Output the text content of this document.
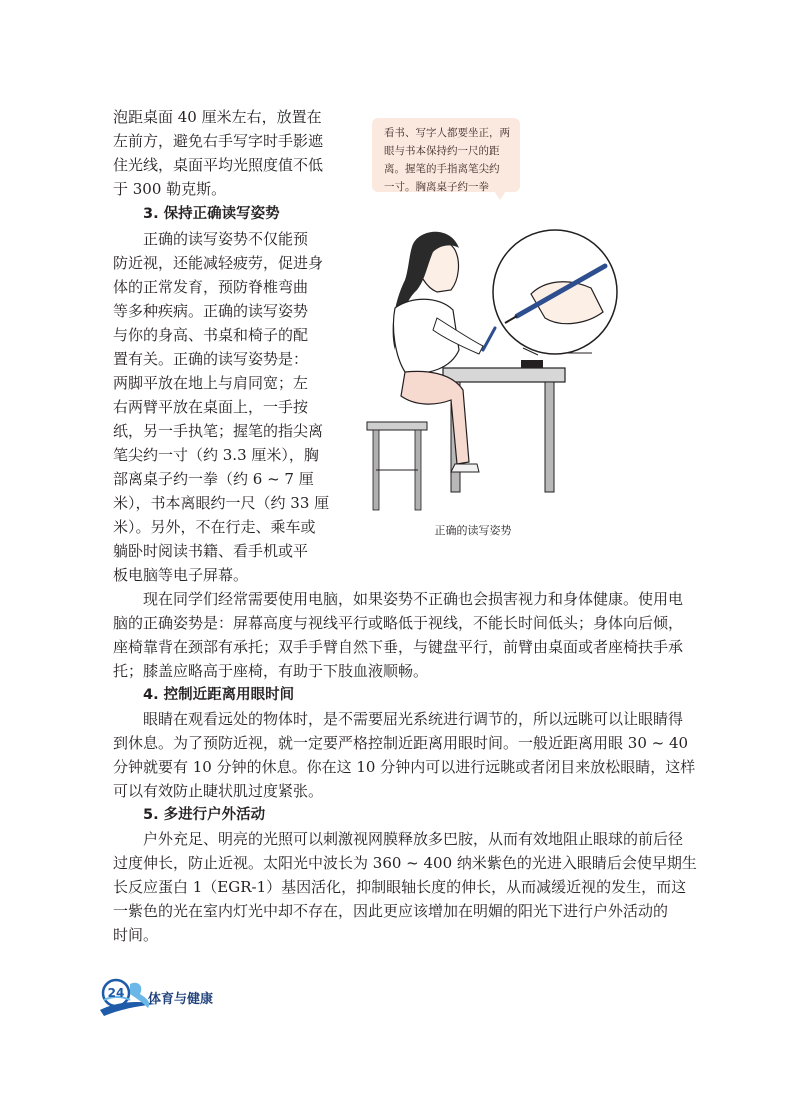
泡距桌面 40 厘米左右，放置在
左前方，避免右手写字时手影遮
住光线，桌面平均光照度值不低
于 300 勒克斯。
3. 保持正确读写姿势
正确的读写姿势不仅能预
防近视，还能减轻疲劳，促进身
体的正常发育，预防脊椎弯曲
等多种疾病。正确的读写姿势
与你的身高、书桌和椅子的配
置有关。正确的读写姿势是：
两脚平放在地上与肩同宽；左
右两臂平放在桌面上，一手按
纸，另一手执笔；握笔的指尖离
笔尖约一寸（约 3.3 厘米），胸
部离桌子约一拳（约 6 ~ 7 厘
米），书本离眼约一尺（约 33 厘
米）。另外，不在行走、乘车或
躺卧时阅读书籍、看手机或平
板电脑等电子屏幕。
看书、写字人都要坐正，两
眼与书本保持约一尺的距
离。握笔的手指离笔尖约
一寸。胸离桌子约一拳
正确的读写姿势
现在同学们经常需要使用电脑，如果姿势不正确也会损害视力和身体健康。使用电
脑的正确姿势是：屏幕高度与视线平行或略低于视线，不能长时间低头；身体向后倾，
座椅靠背在颈部有承托；双手手臂自然下垂，与键盘平行，前臂由桌面或者座椅扶手承
托；膝盖应略高于座椅，有助于下肢血液顺畅。
4. 控制近距离用眼时间
眼睛在观看远处的物体时，是不需要屈光系统进行调节的，所以远眺可以让眼睛得
到休息。为了预防近视，就一定要严格控制近距离用眼时间。一般近距离用眼 30 ~ 40
分钟就要有 10 分钟的休息。你在这 10 分钟内可以进行远眺或者闭目来放松眼睛，这样
可以有效防止睫状肌过度紧张。
5. 多进行户外活动
户外充足、明亮的光照可以刺激视网膜释放多巴胺，从而有效地阻止眼球的前后径
过度伸长，防止近视。太阳光中波长为 360 ~ 400 纳米紫色的光进入眼睛后会使早期生
长反应蛋白 1（EGR-1）基因活化，抑制眼轴长度的伸长，从而减缓近视的发生，而这
一紫色的光在室内灯光中却不存在，因此更应该增加在明媚的阳光下进行户外活动的
时间。
24	体育与健康
